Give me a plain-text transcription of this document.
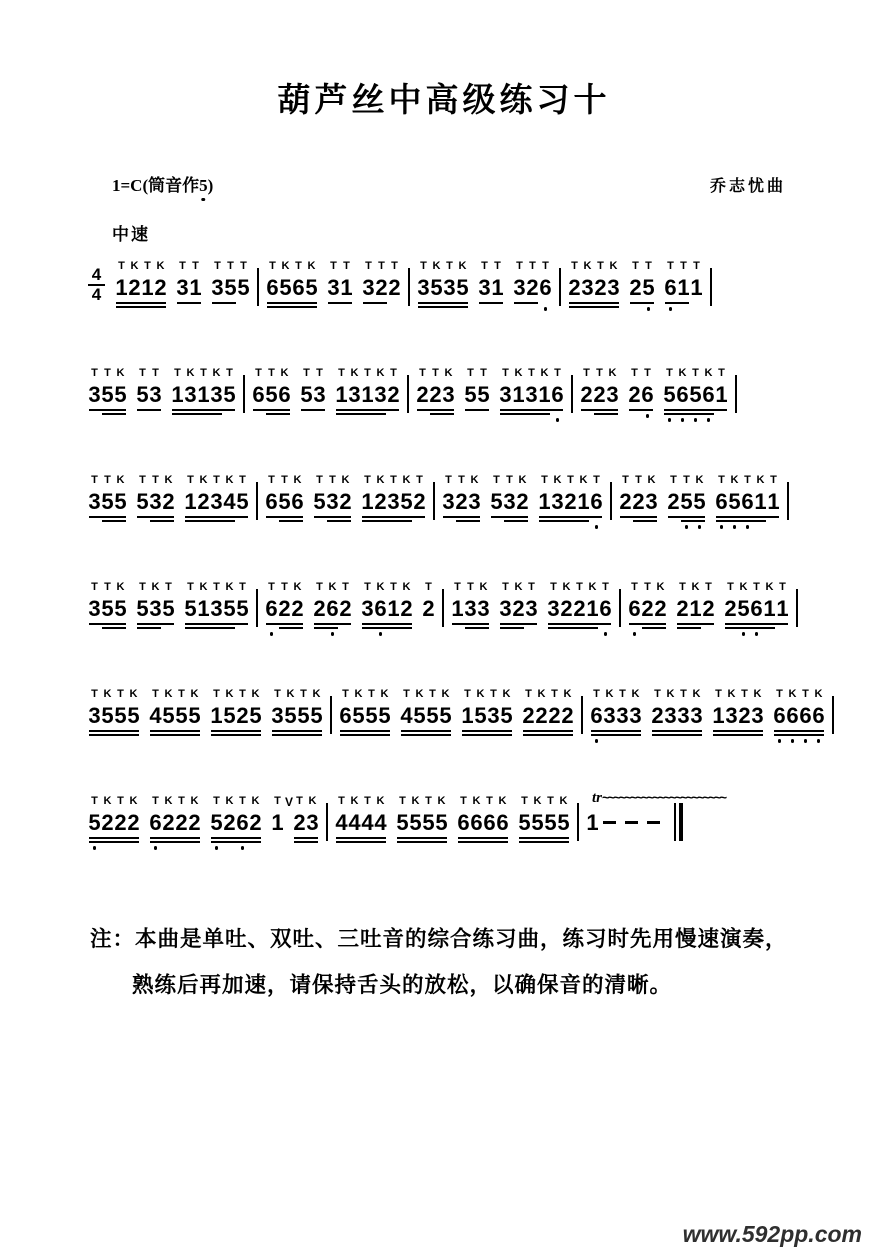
葫芦丝中高级练习十
1=C(筒音作5)	乔志忧曲
中速
4
4
T
1
K
2
T
1
K
2
T
3
T
1
T
3
T
5
T
5
T
6
K
5
T
6
K
5
T
3
T
1
T
3
T
2
T
2
T
3
K
5
T
3
K
5
T
3
T
1
T
3
T
2
T
6
T
2
K
3
T
2
K
3
T
2
T
5
T
6
T
1
T
1
T
3
T
5
K
5
T
5
T
3
T
1
K
3
T
1
K
3
T
5
T
6
T
5
K
6
T
5
T
3
T
1
K
3
T
1
K
3
T
2
T
2
T
2
K
3
T
5
T
5
T
3
K
1
T
3
K
1
T
6
T
2
T
2
K
3
T
2
T
6
T
5
K
6
T
5
K
6
T
1
T
3
T
5
K
5
T
5
T
3
K
2
T
1
K
2
T
3
K
4
T
5
T
6
T
5
K
6
T
5
T
3
K
2
T
1
K
2
T
3
K
5
T
2
T
3
T
2
K
3
T
5
T
3
K
2
T
1
K
3
T
2
K
1
T
6
T
2
T
2
K
3
T
2
T
5
K
5
T
6
K
5
T
6
K
1
T
1
T
3
T
5
K
5
T
5
K
3
T
5
T
5
K
1
T
3
K
5
T
5
T
6
T
2
K
2
T
2
K
6
T
2
T
3
K
6
T
1
K
2
T
2
T
1
T
3
K
3
T
3
K
2
T
3
T
3
K
2
T
2
K
1
T
6
T
6
T
2
K
2
T
2
K
1
T
2
T
2
K
5
T
6
K
1
T
1
T
3
K
5
T
5
K
5
T
4
K
5
T
5
K
5
T
1
K
5
T
2
K
5
T
3
K
5
T
5
K
5
T
6
K
5
T
5
K
5
T
4
K
5
T
5
K
5
T
1
K
5
T
3
K
5
T
2
K
2
T
2
K
2
T
6
K
3
T
3
K
3
T
2
K
3
T
3
K
3
T
1
K
3
T
2
K
3
T
6
K
6
T
6
K
6
T
5
K
2
T
2
K
2
T
6
K
2
T
2
K
2
T
5
K
2
T
6
K
2
T
1
V T
2
K
3
T
4
K
4
T
4
K
4
T
5
K
5
T
5
K
5
T
6
K
6
T
6
K
6
T
5
K
5
T
5
K
5 1
tr ~~~~~~~~~~~~~~~~~~~~~~
注：本曲是单吐、双吐、三吐音的综合练习曲，练习时先用慢速演奏，
熟练后再加速，请保持舌头的放松，以确保音的清晰。
www.592pp.com
